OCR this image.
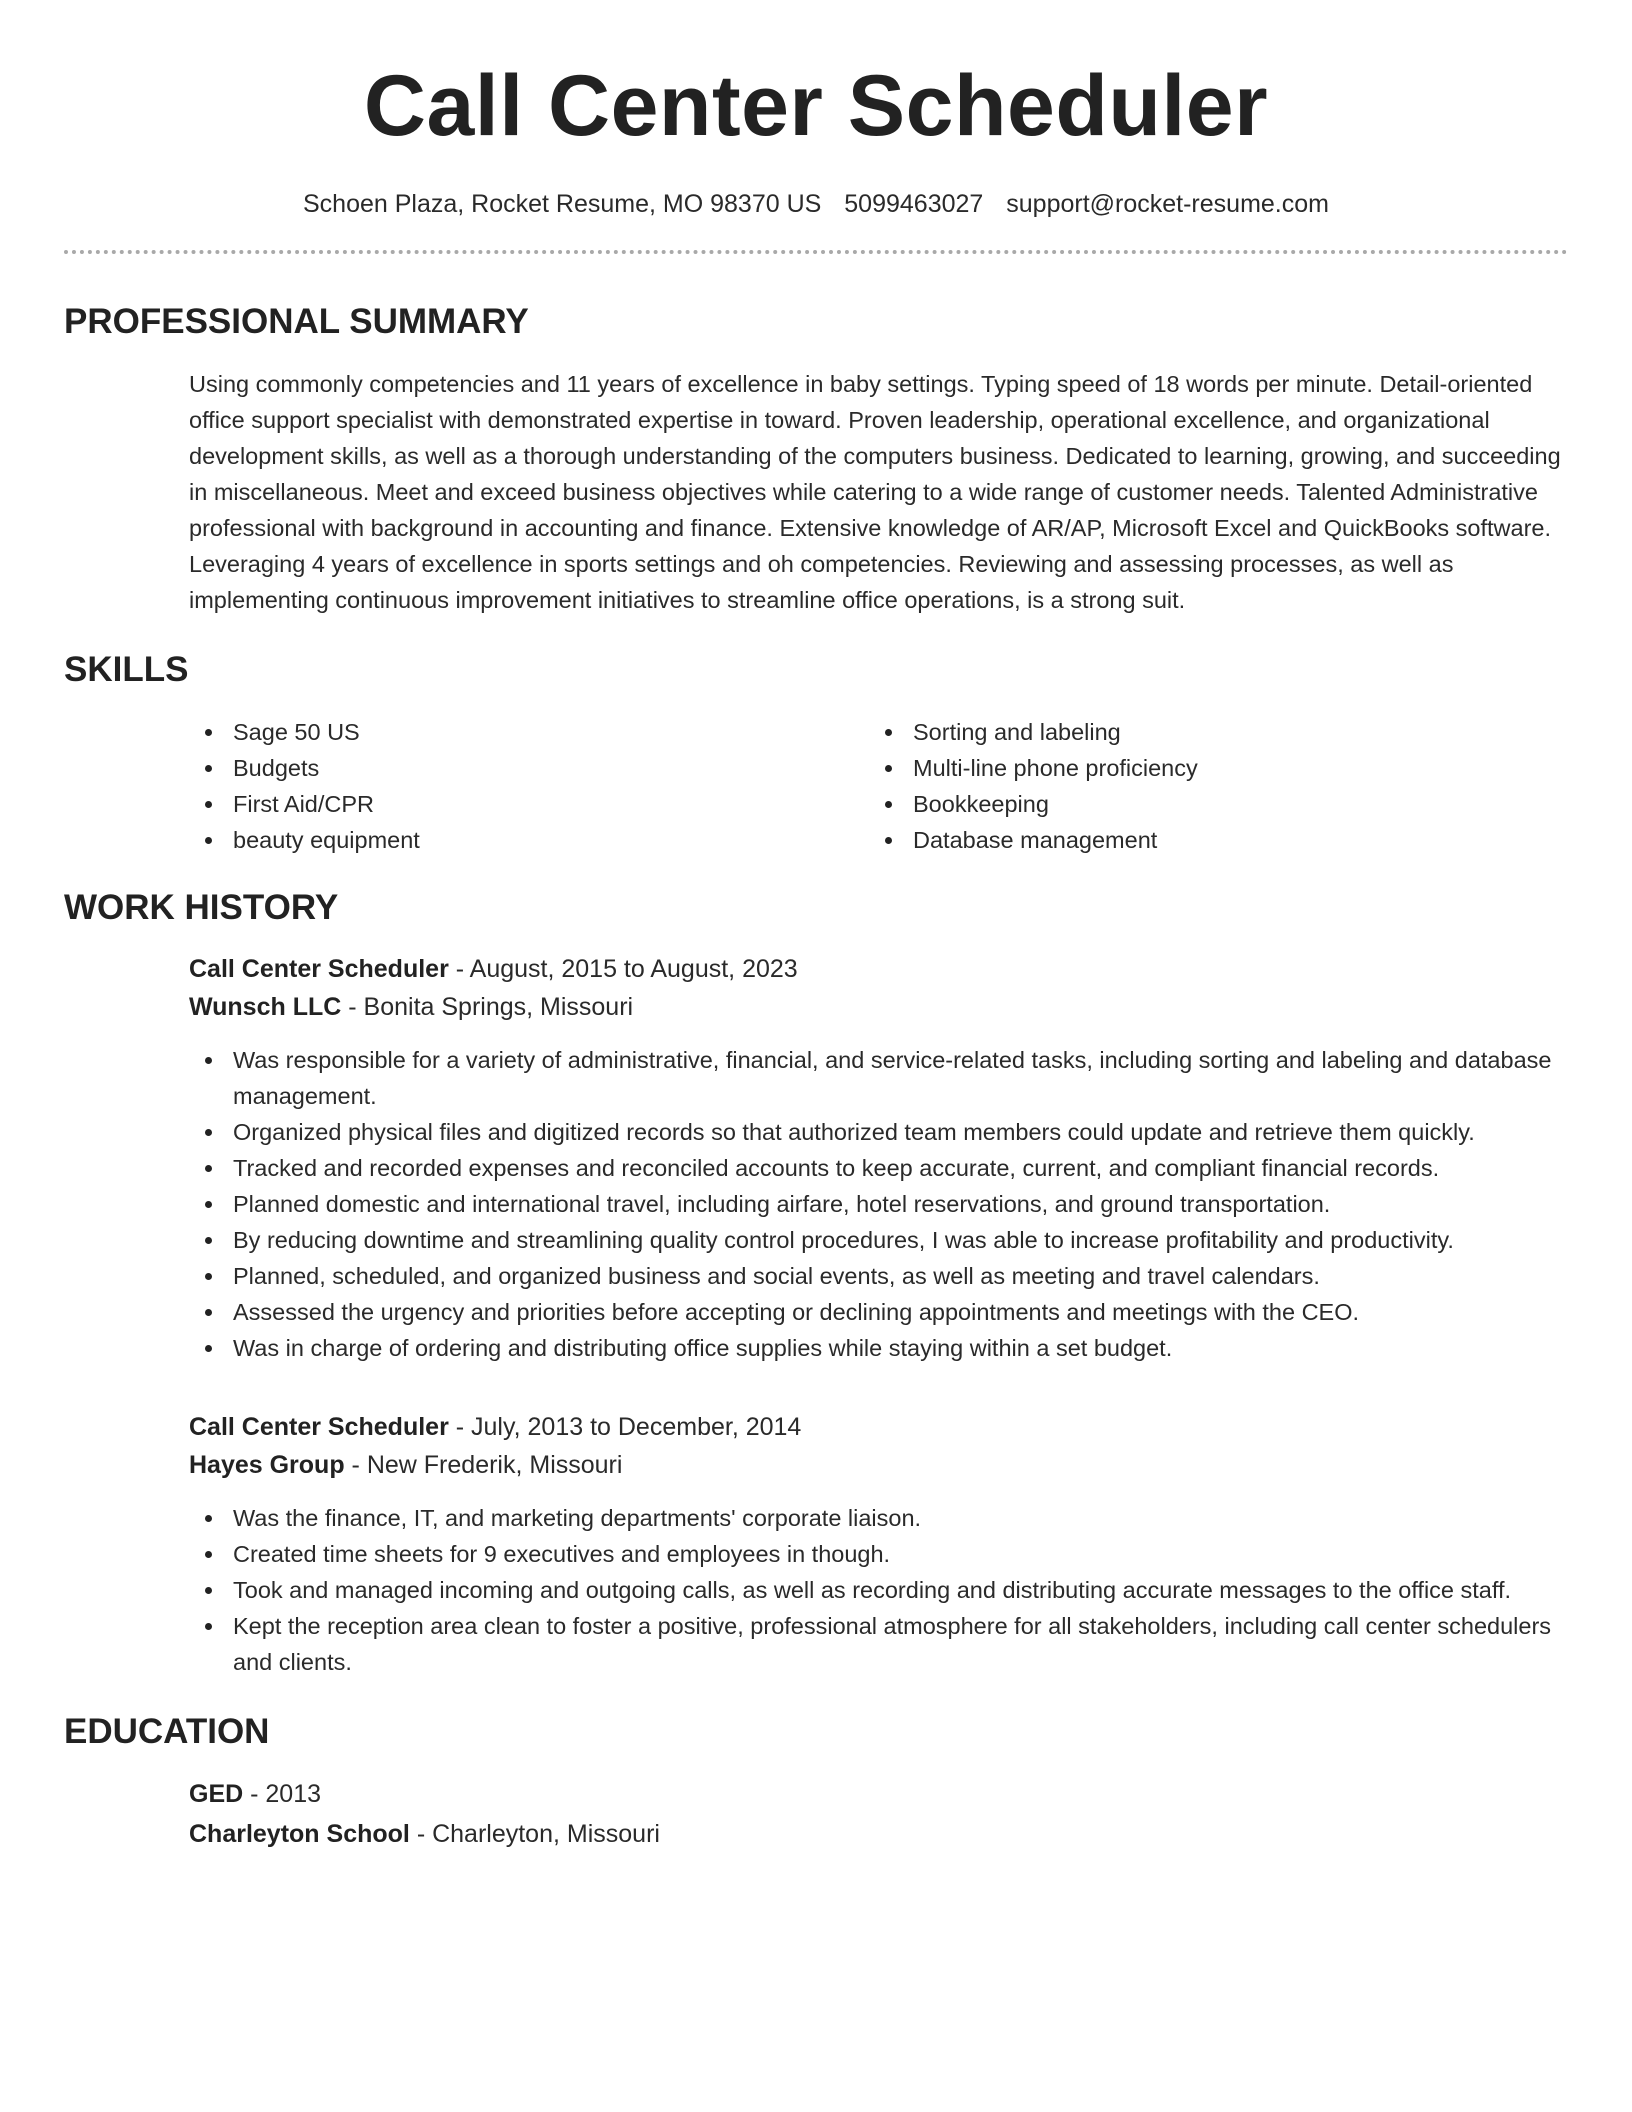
Call Center Scheduler
Schoen Plaza, Rocket Resume, MO 98370 US 5099463027 support@rocket-resume.com
PROFESSIONAL SUMMARY

Using commonly competencies and 11 years of excellence in baby settings. Typing speed of 18 words per minute. Detail-oriented office support specialist with demonstrated expertise in toward. Proven leadership, operational excellence, and organizational development skills, as well as a thorough understanding of the computers business. Dedicated to learning, growing, and succeeding in miscellaneous. Meet and exceed business objectives while catering to a wide range of customer needs. Talented Administrative professional with background in accounting and finance. Extensive knowledge of AR/AP, Microsoft Excel and QuickBooks software. Leveraging 4 years of excellence in sports settings and oh competencies. Reviewing and assessing processes, as well as implementing continuous improvement initiatives to streamline office operations, is a strong suit.

SKILLS
Sage 50 US
Budgets
First Aid/CPR
beauty equipment
Sorting and labeling
Multi-line phone proficiency
Bookkeeping
Database management
WORK HISTORY
Call Center Scheduler - August, 2015 to August, 2023
Wunsch LLC - Bonita Springs, Missouri
Was responsible for a variety of administrative, financial, and service-related tasks, including sorting and labeling and database management.
Organized physical files and digitized records so that authorized team members could update and retrieve them quickly.
Tracked and recorded expenses and reconciled accounts to keep accurate, current, and compliant financial records.
Planned domestic and international travel, including airfare, hotel reservations, and ground transportation.
By reducing downtime and streamlining quality control procedures, I was able to increase profitability and productivity.
Planned, scheduled, and organized business and social events, as well as meeting and travel calendars.
Assessed the urgency and priorities before accepting or declining appointments and meetings with the CEO.
Was in charge of ordering and distributing office supplies while staying within a set budget.
Call Center Scheduler - July, 2013 to December, 2014
Hayes Group - New Frederik, Missouri
Was the finance, IT, and marketing departments' corporate liaison.
Created time sheets for 9 executives and employees in though.
Took and managed incoming and outgoing calls, as well as recording and distributing accurate messages to the office staff.
Kept the reception area clean to foster a positive, professional atmosphere for all stakeholders, including call center schedulers and clients.
EDUCATION
GED - 2013
Charleyton School - Charleyton, Missouri
